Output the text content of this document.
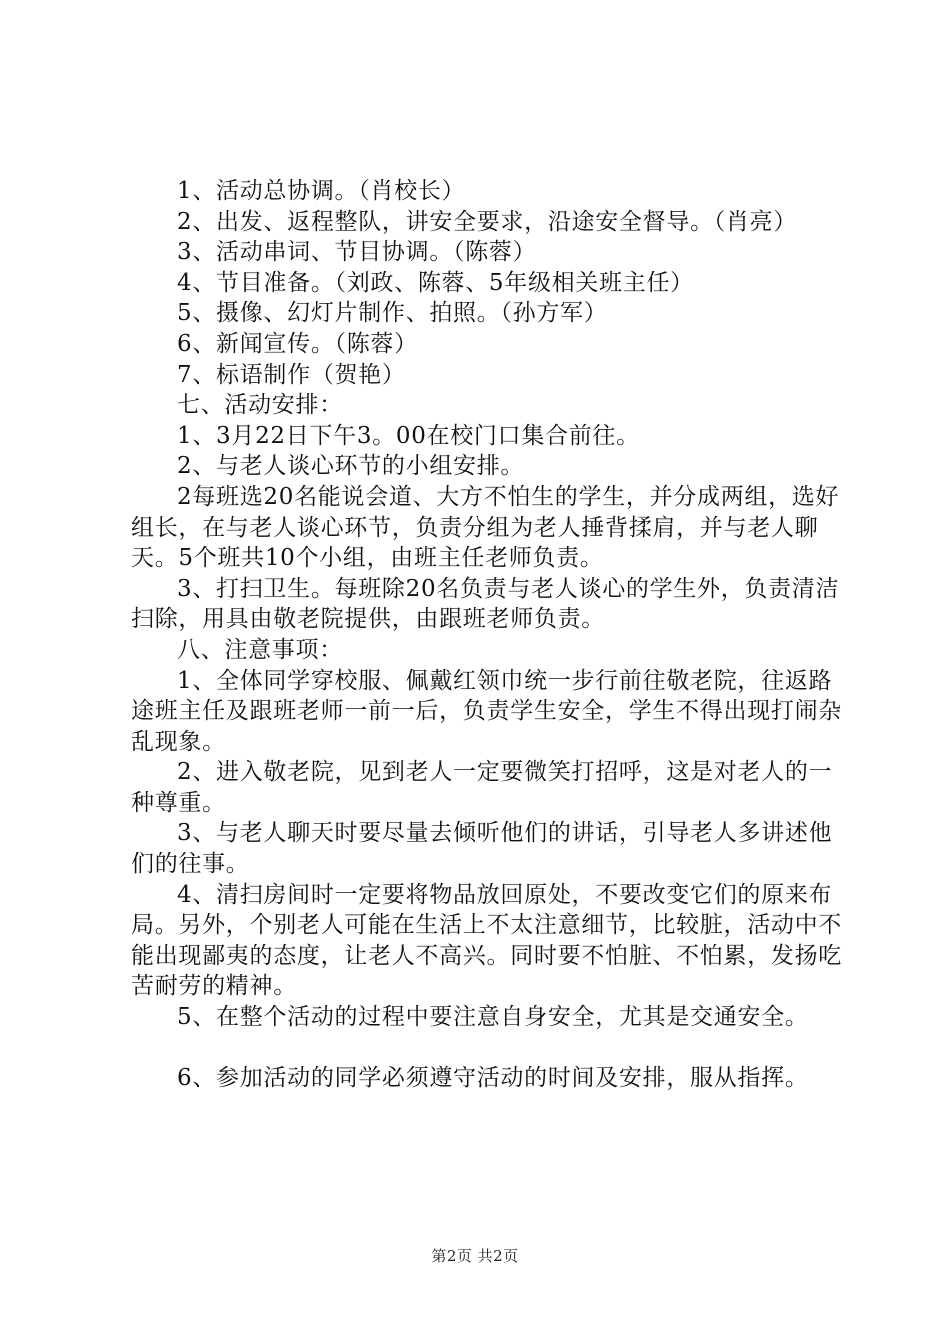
1、活动总协调。（肖校长）

2、出发、返程整队，讲安全要求，沿途安全督导。（肖亮）

3、活动串词、节目协调。（陈蓉）

4、节目准备。（刘政、陈蓉、5年级相关班主任）

5、摄像、幻灯片制作、拍照。（孙方军）

6、新闻宣传。（陈蓉）

7、标语制作（贺艳）

七、活动安排：

1、3月22日下午3。00在校门口集合前往。

2、与老人谈心环节的小组安排。

2每班选20名能说会道、大方不怕生的学生，并分成两组，选好组长，在与老人谈心环节，负责分组为老人捶背揉肩，并与老人聊天。5个班共10个小组，由班主任老师负责。

3、打扫卫生。每班除20名负责与老人谈心的学生外，负责清洁扫除，用具由敬老院提供，由跟班老师负责。

八、注意事项：

1、全体同学穿校服、佩戴红领巾统一步行前往敬老院，往返路途班主任及跟班老师一前一后，负责学生安全，学生不得出现打闹杂乱现象。

2、进入敬老院，见到老人一定要微笑打招呼，这是对老人的一种尊重。

3、与老人聊天时要尽量去倾听他们的讲话，引导老人多讲述他们的往事。

4、清扫房间时一定要将物品放回原处，不要改变它们的原来布局。另外，个别老人可能在生活上不太注意细节，比较脏，活动中不能出现鄙夷的态度，让老人不高兴。同时要不怕脏、不怕累，发扬吃苦耐劳的精神。

5、在整个活动的过程中要注意自身安全，尤其是交通安全。

6、参加活动的同学必须遵守活动的时间及安排，服从指挥。

第2页 共2页
